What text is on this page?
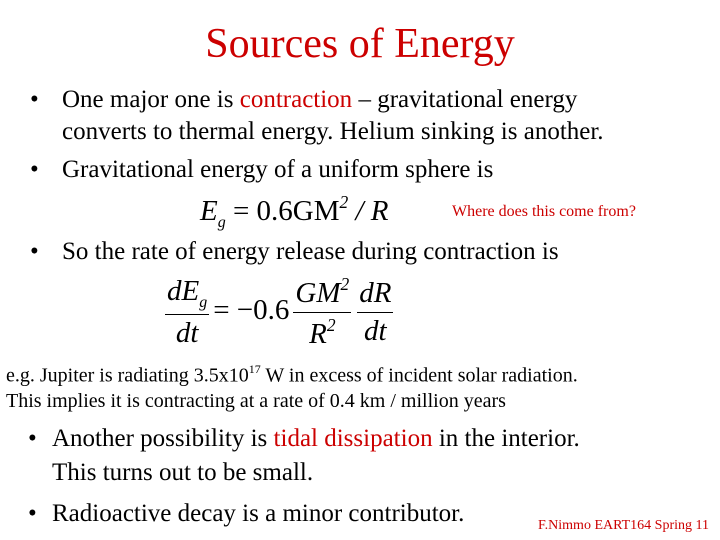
Sources of Energy
• One major one is contraction – gravitational energy
converts to thermal energy. Helium sinking is another.
• Gravitational energy of a uniform sphere is
$E_g = 0.6GM^2 / R$	Where does this come from?
• So the rate of energy release during contraction is
$\frac{dE_g}{dt} = -0.6 \frac{GM^2}{R^2} \frac{dR}{dt}$
e.g. Jupiter is radiating $3.5x10^{17}$ W in excess of incident solar radiation.
This implies it is contracting at a rate of 0.4 km / million years
• Another possibility is tidal dissipation in the interior.
This turns out to be small.
• Radioactive decay is a minor contributor.	F.Nimmo EART164 Spring 11
